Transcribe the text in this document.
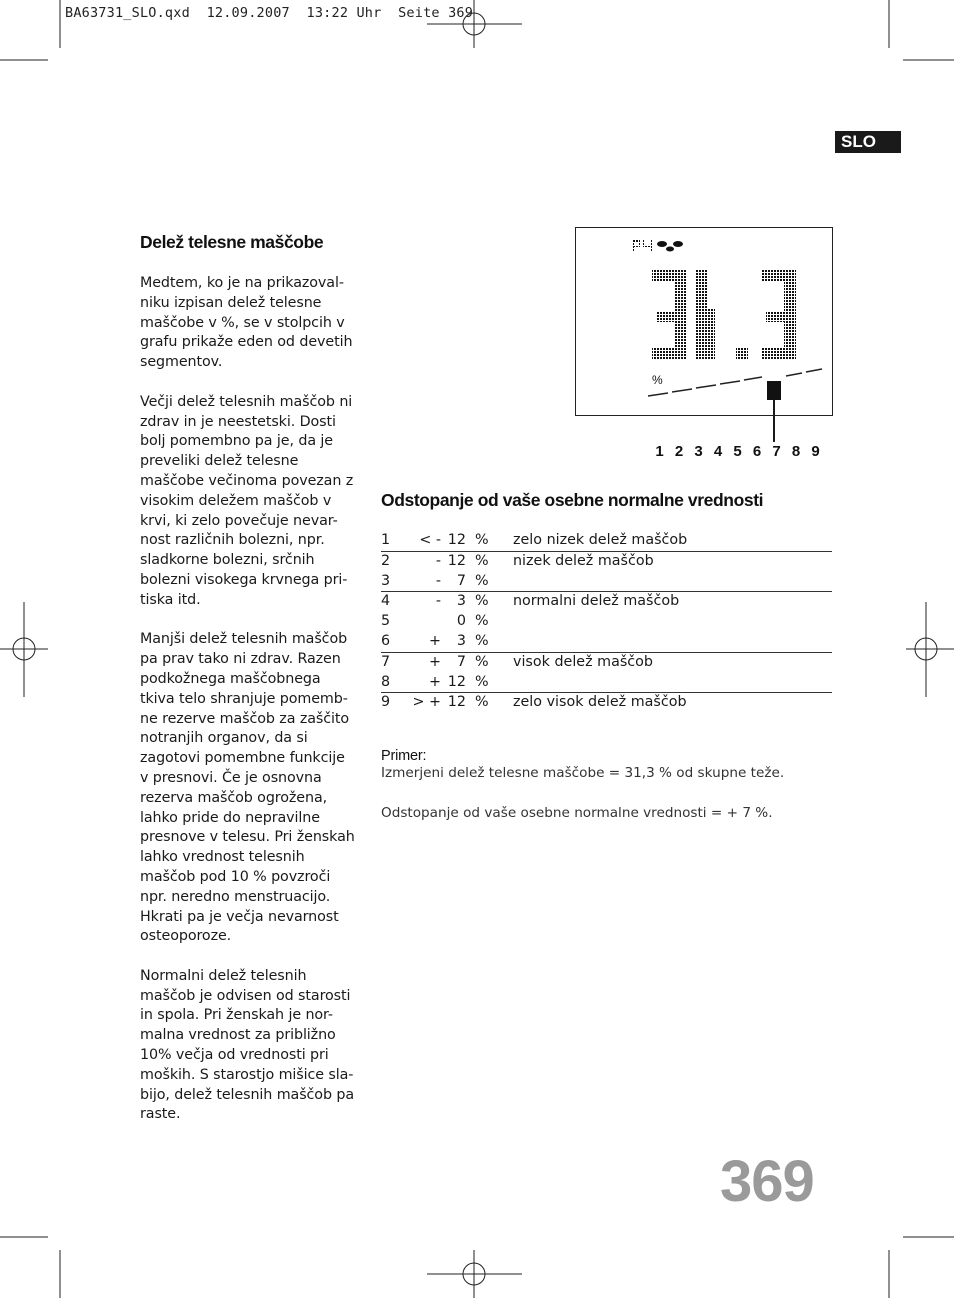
BA63731_SLO.qxd  12.09.2007  13:22 Uhr  Seite 369
SLO
Delež telesne maščobe

Medtem, ko je na prikazoval-
niku izpisan delež telesne
maščobe v %, se v stolpcih v
grafu prikaže eden od devetih
segmentov.

Večji delež telesnih maščob ni
zdrav in je neestetski. Dosti
bolj pomembno pa je, da je
preveliki delež telesne
maščobe večinoma povezan z
visokim deležem maščob v
krvi, ki zelo povečuje nevar-
nost različnih bolezni, npr.
sladkorne bolezni, srčnih
bolezni visokega krvnega pri-
tiska itd.

Manjši delež telesnih maščob
pa prav tako ni zdrav. Razen
podkožnega maščobnega
tkiva telo shranjuje pomemb-
ne rezerve maščob za zaščito
notranjih organov, da si
zagotovi pomembne funkcije
v presnovi. Če je osnovna
rezerva maščob ogrožena,
lahko pride do nepravilne
presnove v telesu. Pri ženskah
lahko vrednost telesnih
maščob pod 10 % povzroči
npr. neredno menstruacijo.
Hkrati pa je večja nevarnost
osteoporoze.

Normalni delež telesnih
maščob je odvisen od starosti
in spola. Pri ženskah je nor-
malna vrednost za približno
10% večja od vrednosti pri
moških. S starostjo mišice sla-
bijo, delež telesnih maščob pa
raste.

%
1 2 3 4 5 6 7 8 9
Odstopanje od vaše osebne normalne vrednosti
1	< -	12	%	zelo nizek delež maščob
2	-	12	%	nizek delež maščob
3	-	7	%	
4	-	3	%	normalni delež maščob
5		0	%	
6	+	3	%	
7	+	7	%	visok delež maščob
8	+	12	%	
9	> +	12	%	zelo visok delež maščob

Primer:

Izmerjeni delež telesne maščobe = 31,3 % od skupne teže.

Odstopanje od vaše osebne normalne vrednosti = + 7 %.

369
